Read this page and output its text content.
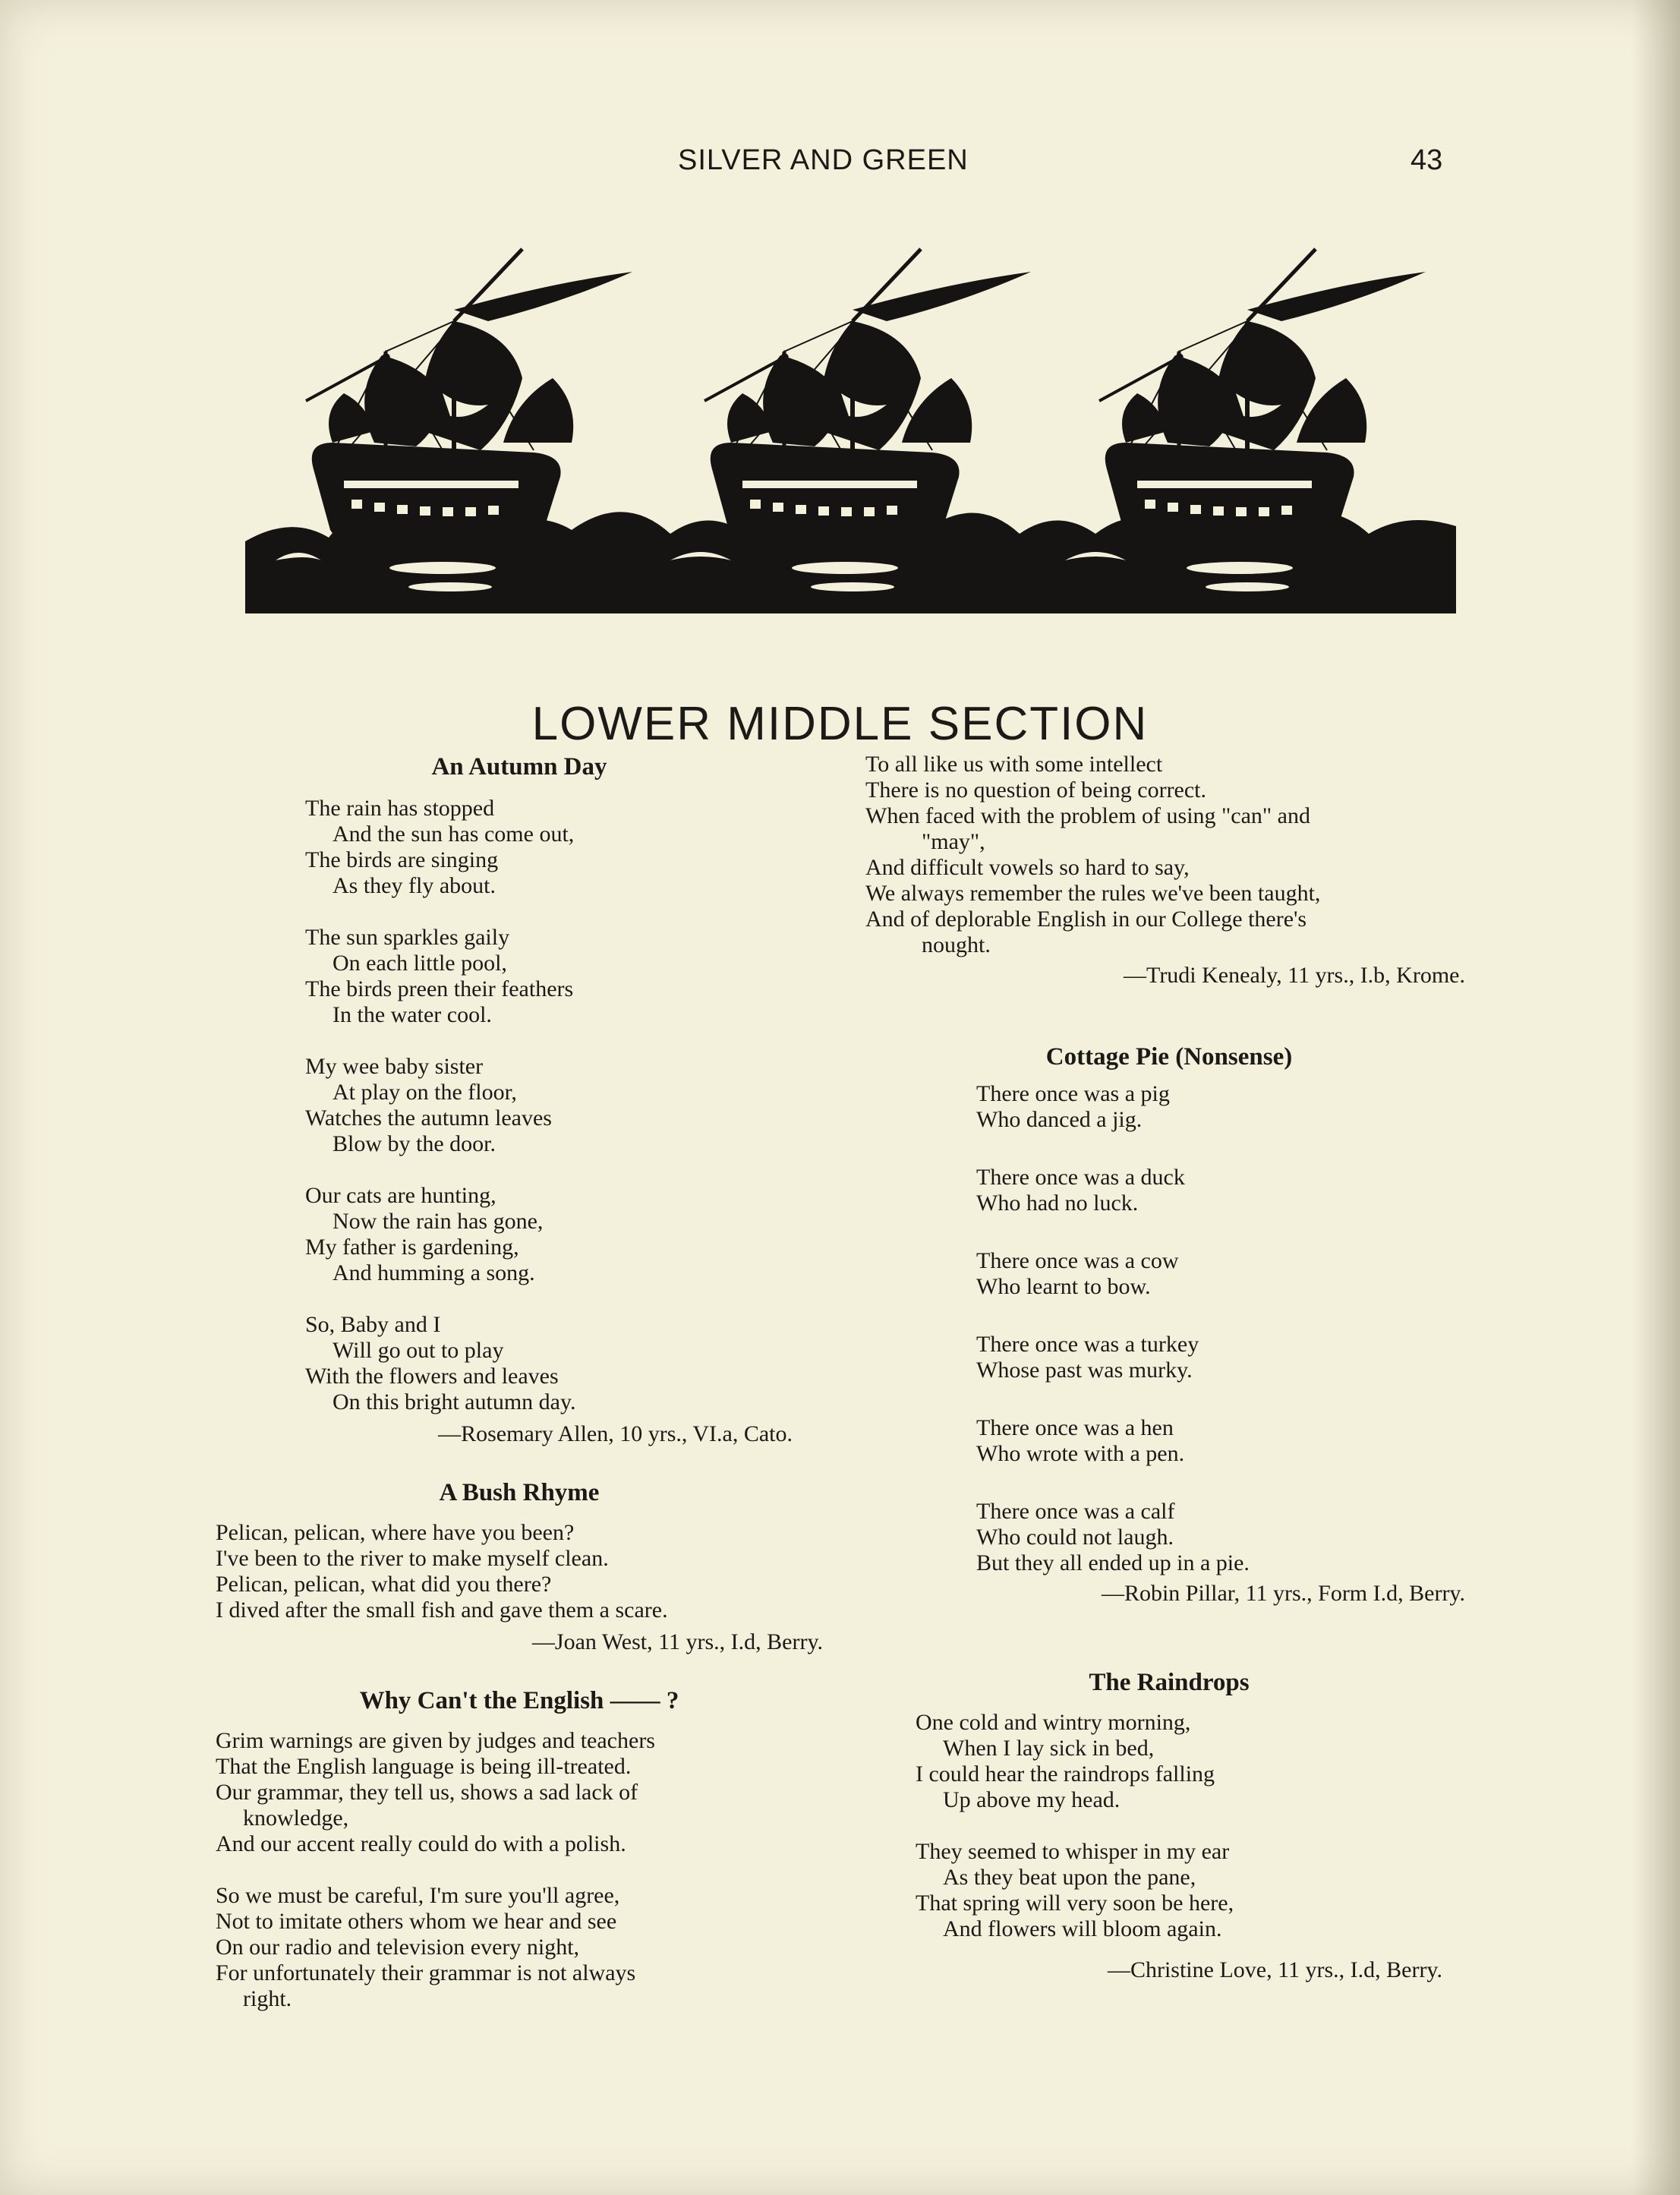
SILVER AND GREEN	43
LOWER MIDDLE SECTION
An Autumn Day
The rain has stopped
And the sun has come out,
The birds are singing
As they fly about.
The sun sparkles gaily
On each little pool,
The birds preen their feathers
In the water cool.
My wee baby sister
At play on the floor,
Watches the autumn leaves
Blow by the door.
Our cats are hunting,
Now the rain has gone,
My father is gardening,
And humming a song.
So, Baby and I
Will go out to play
With the flowers and leaves
On this bright autumn day.
—Rosemary Allen, 10 yrs., VI.a, Cato.
A Bush Rhyme
Pelican, pelican, where have you been?
I've been to the river to make myself clean.
Pelican, pelican, what did you there?
I dived after the small fish and gave them a scare.
—Joan West, 11 yrs., I.d, Berry.
Why Can't the English —— ?
Grim warnings are given by judges and teachers
That the English language is being ill-treated.
Our grammar, they tell us, shows a sad lack of
knowledge,
And our accent really could do with a polish.
So we must be careful, I'm sure you'll agree,
Not to imitate others whom we hear and see
On our radio and television every night,
For unfortunately their grammar is not always
right.
To all like us with some intellect
There is no question of being correct.
When faced with the problem of using "can" and
"may",
And difficult vowels so hard to say,
We always remember the rules we've been taught,
And of deplorable English in our College there's
nought.
—Trudi Kenealy, 11 yrs., I.b, Krome.
Cottage Pie (Nonsense)
There once was a pig
Who danced a jig.
There once was a duck
Who had no luck.
There once was a cow
Who learnt to bow.
There once was a turkey
Whose past was murky.
There once was a hen
Who wrote with a pen.
There once was a calf
Who could not laugh.
But they all ended up in a pie.
—Robin Pillar, 11 yrs., Form I.d, Berry.
The Raindrops
One cold and wintry morning,
When I lay sick in bed,
I could hear the raindrops falling
Up above my head.
They seemed to whisper in my ear
As they beat upon the pane,
That spring will very soon be here,
And flowers will bloom again.
—Christine Love, 11 yrs., I.d, Berry.
